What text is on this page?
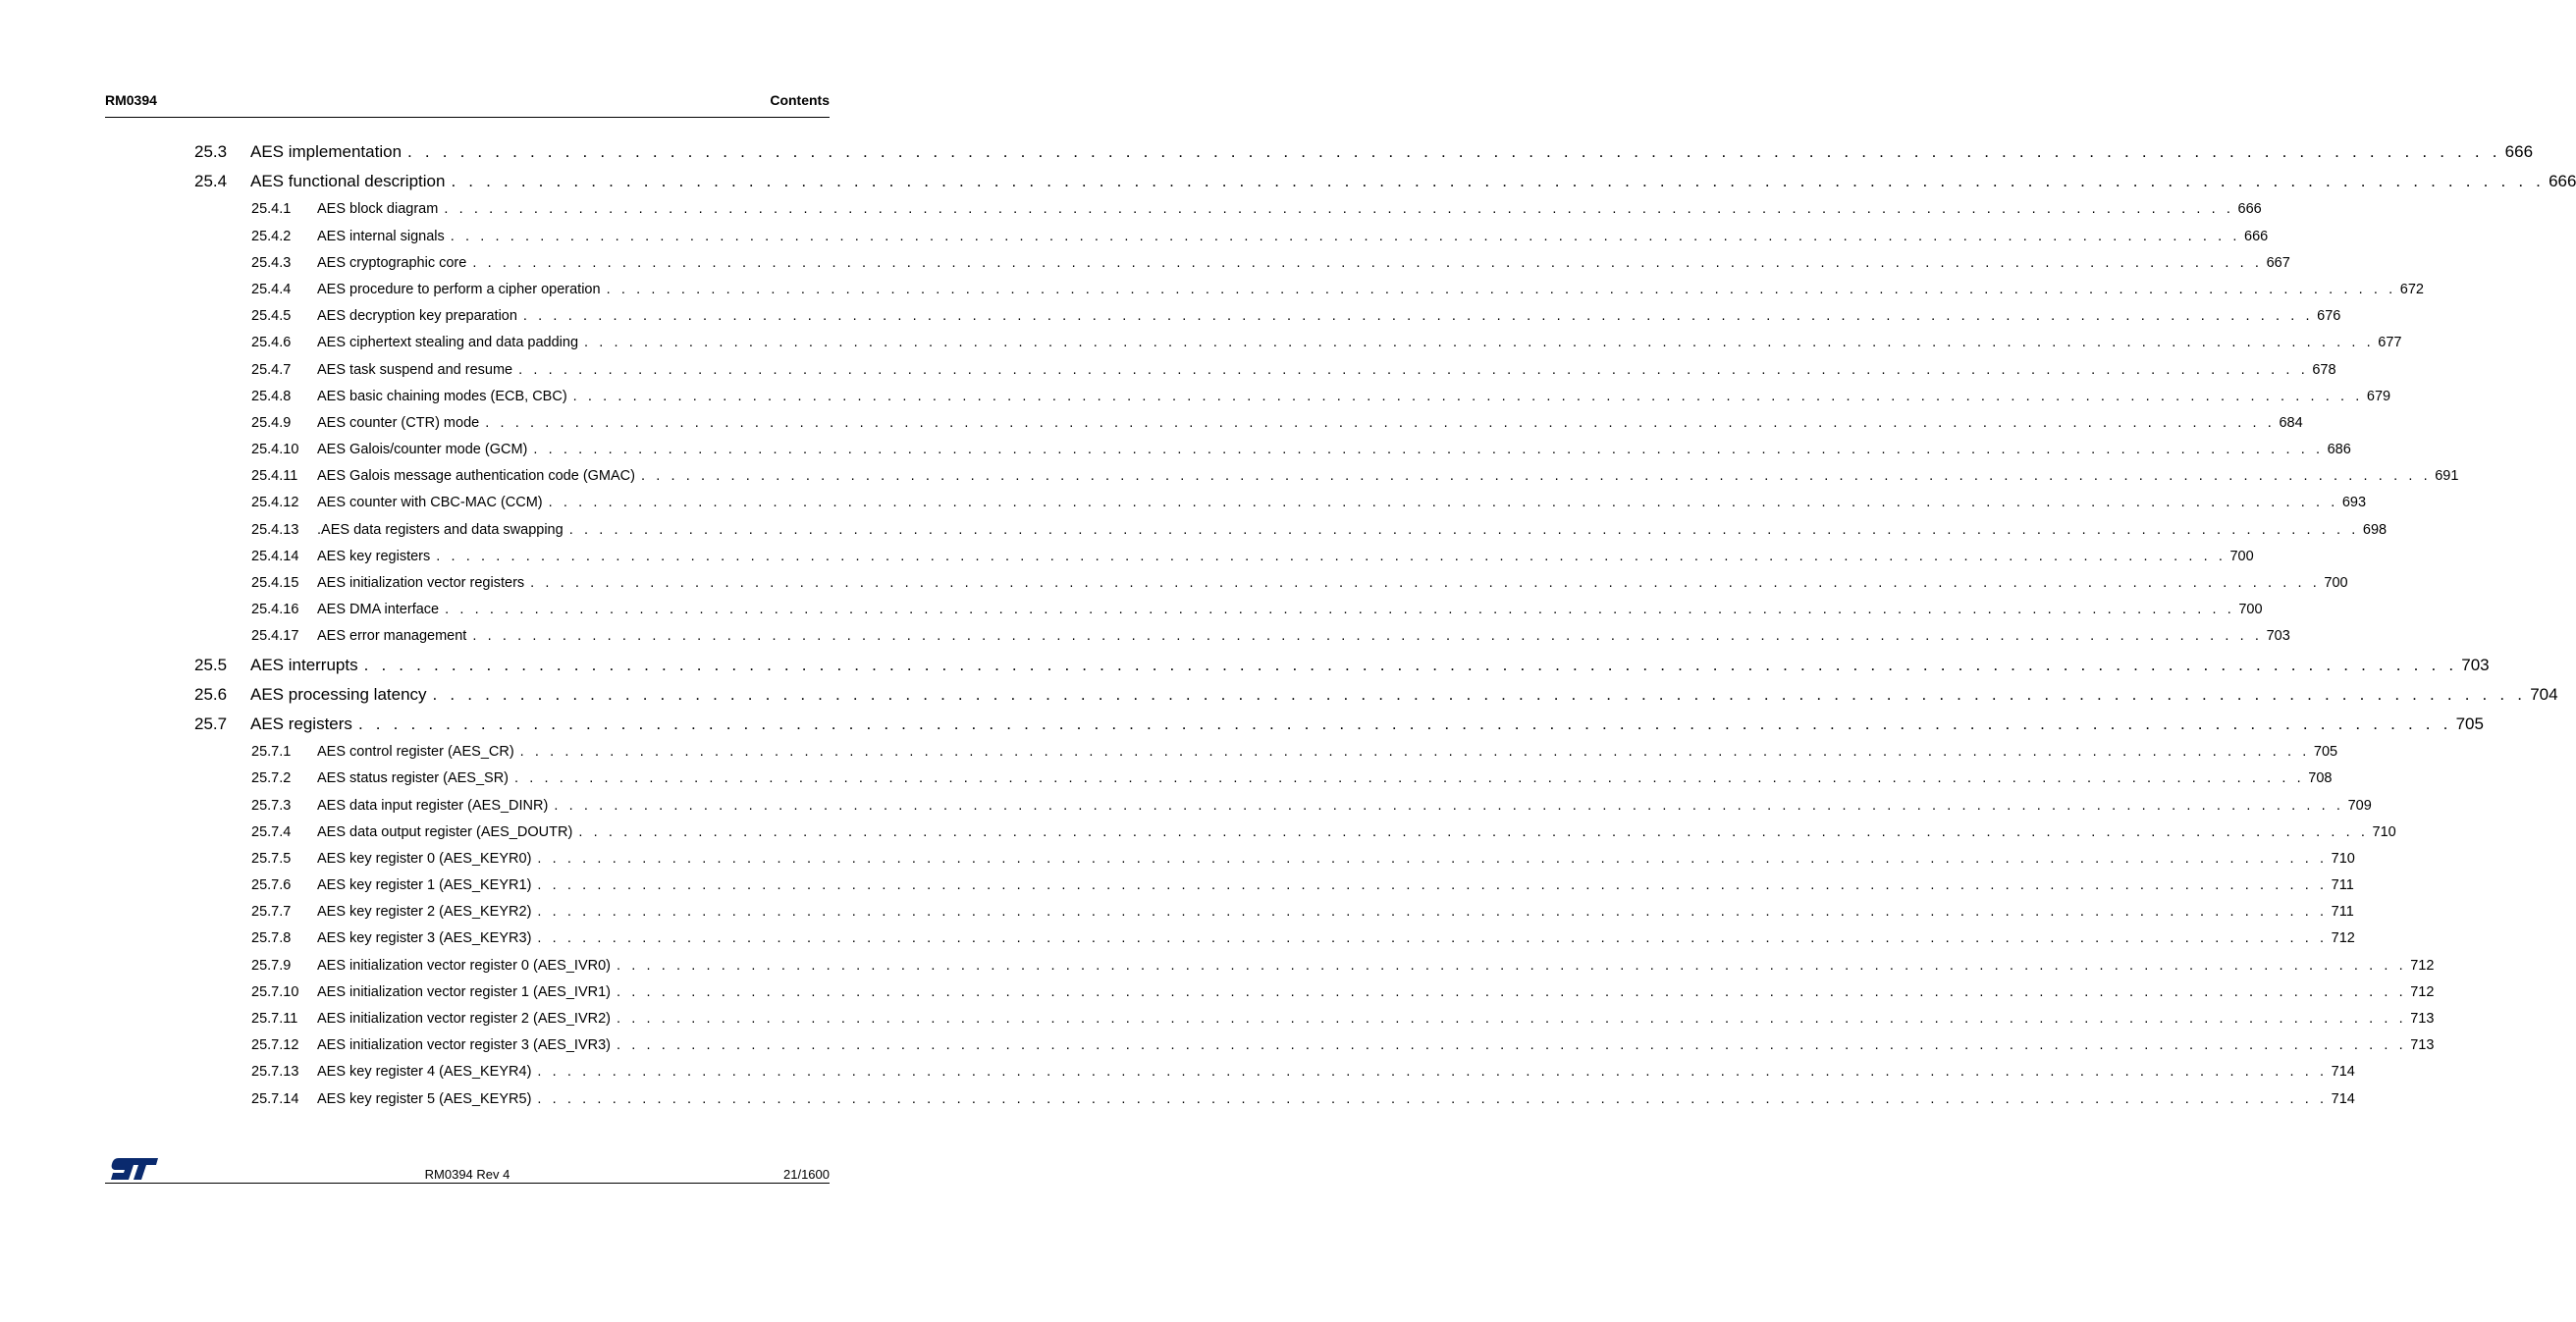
RM0394	Contents
25.3 AES implementation . . . . . . . . . . . . . . . . . . . . . . . . . . . . . . . . . . . . . . . . . . . . . . . . . . . . . . . . . . . . . . . . . . . . . . . . . . . . . . . . . . . . . . . . . . . . . . . . . . . . . . . . . . . . . . . . . . . . . . . . 666
25.4 AES functional description . . . . . . . . . . . . . . . . . . . . . . . . . . . . . . . . . . . . . . . . . . . . . . . . . . . . . . . . . . . . . . . . . . . . . . . . . . . . . . . . . . . . . . . . . . . . . . . . . . . . . . . . . . . . . . . . . . . . . . . . 666
25.4.1 AES block diagram . . . . . . . . . . . . . . . . . . . . . . . . . . . . . . . . . . . . . . . . . . . . . . . . . . . . . . . . . . . . . . . . . . . . . . . . . . . . . . . . . . . . . . . . . . . . . . . . . . . . . . . . . . . . . . . . . . . . . . . . 666
25.4.2 AES internal signals . . . . . . . . . . . . . . . . . . . . . . . . . . . . . . . . . . . . . . . . . . . . . . . . . . . . . . . . . . . . . . . . . . . . . . . . . . . . . . . . . . . . . . . . . . . . . . . . . . . . . . . . . . . . . . . . . . . . . . . . 666
25.4.3 AES cryptographic core . . . . . . . . . . . . . . . . . . . . . . . . . . . . . . . . . . . . . . . . . . . . . . . . . . . . . . . . . . . . . . . . . . . . . . . . . . . . . . . . . . . . . . . . . . . . . . . . . . . . . . . . . . . . . . . . . . . . . . . . 667
25.4.4 AES procedure to perform a cipher operation . . . . . . . . . . . . . . . . . . . . . . . . . . . . . . . . . . . . . . . . . . . . . . . . . . . . . . . . . . . . . . . . . . . . . . . . . . . . . . . . . . . . . . . . . . . . . . . . . . . . . . . . . . . . . . . . . . . . . . . . 672
25.4.5 AES decryption key preparation . . . . . . . . . . . . . . . . . . . . . . . . . . . . . . . . . . . . . . . . . . . . . . . . . . . . . . . . . . . . . . . . . . . . . . . . . . . . . . . . . . . . . . . . . . . . . . . . . . . . . . . . . . . . . . . . . . . . . . . . 676
25.4.6 AES ciphertext stealing and data padding . . . . . . . . . . . . . . . . . . . . . . . . . . . . . . . . . . . . . . . . . . . . . . . . . . . . . . . . . . . . . . . . . . . . . . . . . . . . . . . . . . . . . . . . . . . . . . . . . . . . . . . . . . . . . . . . . . . . . . . . 677
25.4.7 AES task suspend and resume . . . . . . . . . . . . . . . . . . . . . . . . . . . . . . . . . . . . . . . . . . . . . . . . . . . . . . . . . . . . . . . . . . . . . . . . . . . . . . . . . . . . . . . . . . . . . . . . . . . . . . . . . . . . . . . . . . . . . . . . 678
25.4.8 AES basic chaining modes (ECB, CBC) . . . . . . . . . . . . . . . . . . . . . . . . . . . . . . . . . . . . . . . . . . . . . . . . . . . . . . . . . . . . . . . . . . . . . . . . . . . . . . . . . . . . . . . . . . . . . . . . . . . . . . . . . . . . . . . . . . . . . . . . 679
25.4.9 AES counter (CTR) mode . . . . . . . . . . . . . . . . . . . . . . . . . . . . . . . . . . . . . . . . . . . . . . . . . . . . . . . . . . . . . . . . . . . . . . . . . . . . . . . . . . . . . . . . . . . . . . . . . . . . . . . . . . . . . . . . . . . . . . . . 684
25.4.10 AES Galois/counter mode (GCM) . . . . . . . . . . . . . . . . . . . . . . . . . . . . . . . . . . . . . . . . . . . . . . . . . . . . . . . . . . . . . . . . . . . . . . . . . . . . . . . . . . . . . . . . . . . . . . . . . . . . . . . . . . . . . . . . . . . . . . . . 686
25.4.11 AES Galois message authentication code (GMAC) . . . . . . . . . . . . . . . . . . . . . . . . . . . . . . . . . . . . . . . . . . . . . . . . . . . . . . . . . . . . . . . . . . . . . . . . . . . . . . . . . . . . . . . . . . . . . . . . . . . . . . . . . . . . . . . . . . . . . . . . 691
25.4.12 AES counter with CBC-MAC (CCM) . . . . . . . . . . . . . . . . . . . . . . . . . . . . . . . . . . . . . . . . . . . . . . . . . . . . . . . . . . . . . . . . . . . . . . . . . . . . . . . . . . . . . . . . . . . . . . . . . . . . . . . . . . . . . . . . . . . . . . . . 693
25.4.13 .AES data registers and data swapping . . . . . . . . . . . . . . . . . . . . . . . . . . . . . . . . . . . . . . . . . . . . . . . . . . . . . . . . . . . . . . . . . . . . . . . . . . . . . . . . . . . . . . . . . . . . . . . . . . . . . . . . . . . . . . . . . . . . . . . . 698
25.4.14 AES key registers . . . . . . . . . . . . . . . . . . . . . . . . . . . . . . . . . . . . . . . . . . . . . . . . . . . . . . . . . . . . . . . . . . . . . . . . . . . . . . . . . . . . . . . . . . . . . . . . . . . . . . . . . . . . . . . . . . . . . . . . 700
25.4.15 AES initialization vector registers . . . . . . . . . . . . . . . . . . . . . . . . . . . . . . . . . . . . . . . . . . . . . . . . . . . . . . . . . . . . . . . . . . . . . . . . . . . . . . . . . . . . . . . . . . . . . . . . . . . . . . . . . . . . . . . . . . . . . . . . 700
25.4.16 AES DMA interface . . . . . . . . . . . . . . . . . . . . . . . . . . . . . . . . . . . . . . . . . . . . . . . . . . . . . . . . . . . . . . . . . . . . . . . . . . . . . . . . . . . . . . . . . . . . . . . . . . . . . . . . . . . . . . . . . . . . . . . . 700
25.4.17 AES error management . . . . . . . . . . . . . . . . . . . . . . . . . . . . . . . . . . . . . . . . . . . . . . . . . . . . . . . . . . . . . . . . . . . . . . . . . . . . . . . . . . . . . . . . . . . . . . . . . . . . . . . . . . . . . . . . . . . . . . . . 703
25.5 AES interrupts . . . . . . . . . . . . . . . . . . . . . . . . . . . . . . . . . . . . . . . . . . . . . . . . . . . . . . . . . . . . . . . . . . . . . . . . . . . . . . . . . . . . . . . . . . . . . . . . . . . . . . . . . . . . . . . . . . . . . . . . 703
25.6 AES processing latency . . . . . . . . . . . . . . . . . . . . . . . . . . . . . . . . . . . . . . . . . . . . . . . . . . . . . . . . . . . . . . . . . . . . . . . . . . . . . . . . . . . . . . . . . . . . . . . . . . . . . . . . . . . . . . . . . . . . . . . . 704
25.7 AES registers . . . . . . . . . . . . . . . . . . . . . . . . . . . . . . . . . . . . . . . . . . . . . . . . . . . . . . . . . . . . . . . . . . . . . . . . . . . . . . . . . . . . . . . . . . . . . . . . . . . . . . . . . . . . . . . . . . . . . . . . 705
25.7.1 AES control register (AES_CR) . . . . . . . . . . . . . . . . . . . . . . . . . . . . . . . . . . . . . . . . . . . . . . . . . . . . . . . . . . . . . . . . . . . . . . . . . . . . . . . . . . . . . . . . . . . . . . . . . . . . . . . . . . . . . . . . . . . . . . . . 705
25.7.2 AES status register (AES_SR) . . . . . . . . . . . . . . . . . . . . . . . . . . . . . . . . . . . . . . . . . . . . . . . . . . . . . . . . . . . . . . . . . . . . . . . . . . . . . . . . . . . . . . . . . . . . . . . . . . . . . . . . . . . . . . . . . . . . . . . . 708
25.7.3 AES data input register (AES_DINR) . . . . . . . . . . . . . . . . . . . . . . . . . . . . . . . . . . . . . . . . . . . . . . . . . . . . . . . . . . . . . . . . . . . . . . . . . . . . . . . . . . . . . . . . . . . . . . . . . . . . . . . . . . . . . . . . . . . . . . . . 709
25.7.4 AES data output register (AES_DOUTR) . . . . . . . . . . . . . . . . . . . . . . . . . . . . . . . . . . . . . . . . . . . . . . . . . . . . . . . . . . . . . . . . . . . . . . . . . . . . . . . . . . . . . . . . . . . . . . . . . . . . . . . . . . . . . . . . . . . . . . . . 710
25.7.5 AES key register 0 (AES_KEYR0) . . . . . . . . . . . . . . . . . . . . . . . . . . . . . . . . . . . . . . . . . . . . . . . . . . . . . . . . . . . . . . . . . . . . . . . . . . . . . . . . . . . . . . . . . . . . . . . . . . . . . . . . . . . . . . . . . . . . . . . . 710
25.7.6 AES key register 1 (AES_KEYR1) . . . . . . . . . . . . . . . . . . . . . . . . . . . . . . . . . . . . . . . . . . . . . . . . . . . . . . . . . . . . . . . . . . . . . . . . . . . . . . . . . . . . . . . . . . . . . . . . . . . . . . . . . . . . . . . . . . . . . . . . 711
25.7.7 AES key register 2 (AES_KEYR2) . . . . . . . . . . . . . . . . . . . . . . . . . . . . . . . . . . . . . . . . . . . . . . . . . . . . . . . . . . . . . . . . . . . . . . . . . . . . . . . . . . . . . . . . . . . . . . . . . . . . . . . . . . . . . . . . . . . . . . . . 711
25.7.8 AES key register 3 (AES_KEYR3) . . . . . . . . . . . . . . . . . . . . . . . . . . . . . . . . . . . . . . . . . . . . . . . . . . . . . . . . . . . . . . . . . . . . . . . . . . . . . . . . . . . . . . . . . . . . . . . . . . . . . . . . . . . . . . . . . . . . . . . . 712
25.7.9 AES initialization vector register 0 (AES_IVR0) . . . . . . . . . . . . . . . . . . . . . . . . . . . . . . . . . . . . . . . . . . . . . . . . . . . . . . . . . . . . . . . . . . . . . . . . . . . . . . . . . . . . . . . . . . . . . . . . . . . . . . . . . . . . . . . . . . . . . . . . 712
25.7.10 AES initialization vector register 1 (AES_IVR1) . . . . . . . . . . . . . . . . . . . . . . . . . . . . . . . . . . . . . . . . . . . . . . . . . . . . . . . . . . . . . . . . . . . . . . . . . . . . . . . . . . . . . . . . . . . . . . . . . . . . . . . . . . . . . . . . . . . . . . . . 712
25.7.11 AES initialization vector register 2 (AES_IVR2) . . . . . . . . . . . . . . . . . . . . . . . . . . . . . . . . . . . . . . . . . . . . . . . . . . . . . . . . . . . . . . . . . . . . . . . . . . . . . . . . . . . . . . . . . . . . . . . . . . . . . . . . . . . . . . . . . . . . . . . . 713
25.7.12 AES initialization vector register 3 (AES_IVR3) . . . . . . . . . . . . . . . . . . . . . . . . . . . . . . . . . . . . . . . . . . . . . . . . . . . . . . . . . . . . . . . . . . . . . . . . . . . . . . . . . . . . . . . . . . . . . . . . . . . . . . . . . . . . . . . . . . . . . . . . 713
25.7.13 AES key register 4 (AES_KEYR4) . . . . . . . . . . . . . . . . . . . . . . . . . . . . . . . . . . . . . . . . . . . . . . . . . . . . . . . . . . . . . . . . . . . . . . . . . . . . . . . . . . . . . . . . . . . . . . . . . . . . . . . . . . . . . . . . . . . . . . . . 714
25.7.14 AES key register 5 (AES_KEYR5) . . . . . . . . . . . . . . . . . . . . . . . . . . . . . . . . . . . . . . . . . . . . . . . . . . . . . . . . . . . . . . . . . . . . . . . . . . . . . . . . . . . . . . . . . . . . . . . . . . . . . . . . . . . . . . . . . . . . . . . . 714
RM0394 Rev 4	21/1600
